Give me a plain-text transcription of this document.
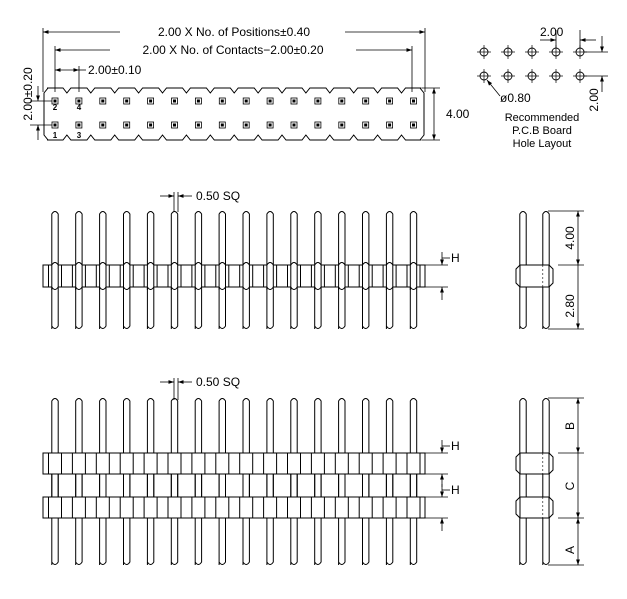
2.00 X No. of Positions±0.40
2.00 X No. of Contacts−2.00±0.20
2.00±0.10
2.00±0.20	4.00
2 4
1 3
2.00
2.00
ø0.80
Recommended
P.C.B Board
Hole Layout
0.50 SQ
H
4.00
2.80
0.50 SQ
H
H
B
C
A
